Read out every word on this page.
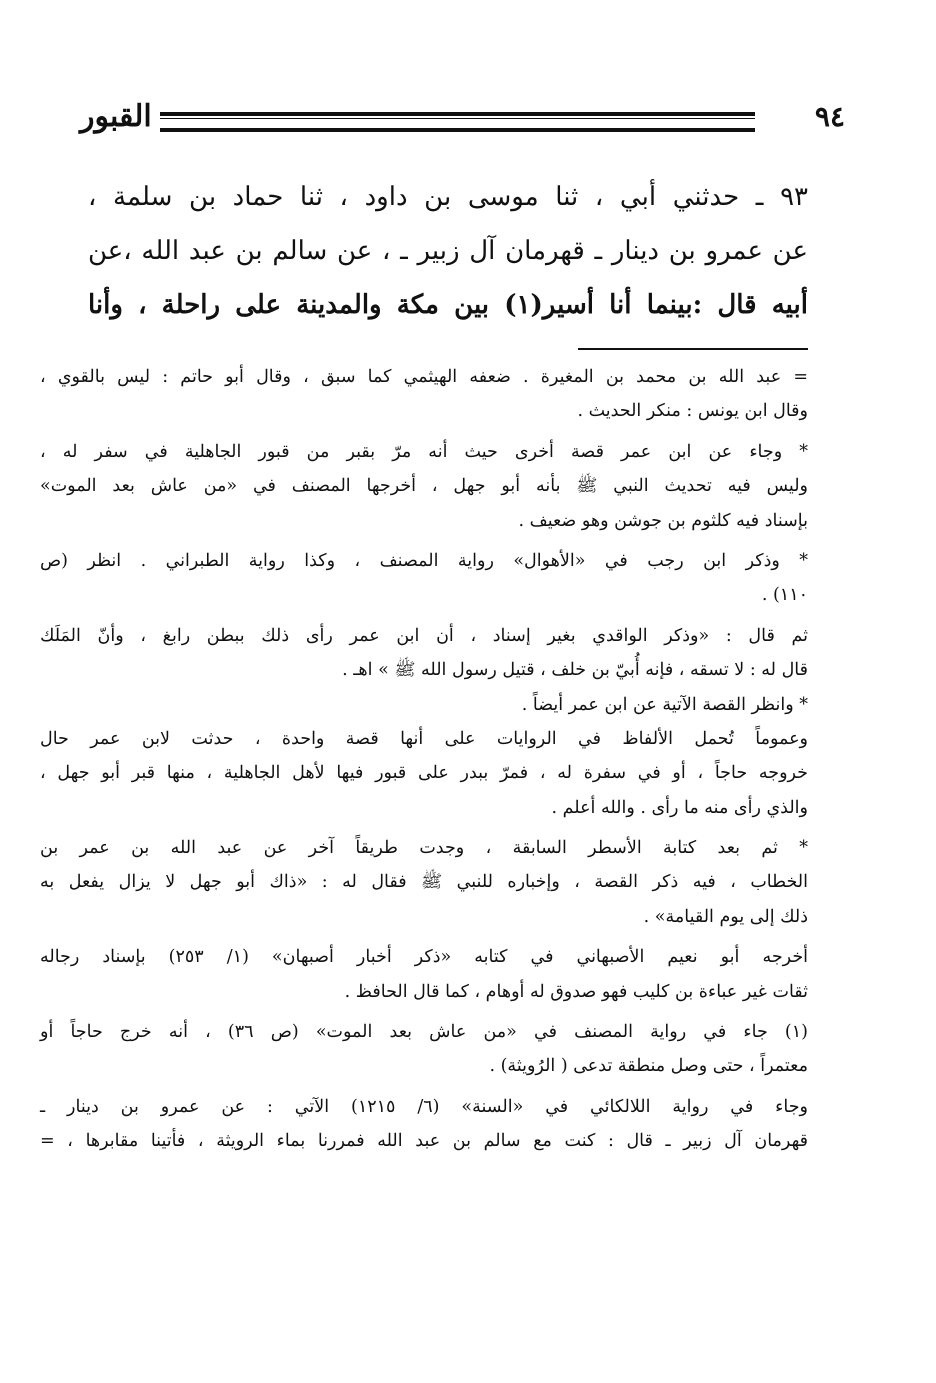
القبور	٩٤
٩٣ ـ حدثني أبي ، ثنا موسى بن داود ، ثنا حماد بن سلمة ،
عن عمرو بن دينار ـ قهرمان آل زبير ـ ، عن سالم بن عبد الله ،عن
أبيه قال :بينما أنا أسير(١) بين مكة والمدينة على راحلة ، وأنا
= عبد الله بن محمد بن المغيرة . ضعفه الهيثمي كما سبق ، وقال أبو حاتم : ليس بالقوي ،
وقال ابن يونس : منكر الحديث .
* وجاء عن ابن عمر قصة أخرى حيث أنه مرّ بقبر من قبور الجاهلية في سفر له ،
وليس فيه تحديث النبي ﷺ بأنه أبو جهل ، أخرجها المصنف في «من عاش بعد الموت»
بإسناد فيه كلثوم بن جوشن وهو ضعيف .
* وذكر ابن رجب في «الأهوال» رواية المصنف ، وكذا رواية الطبراني . انظر (ص
١١٠) .
ثم قال : «وذكر الواقدي بغير إسناد ، أن ابن عمر رأى ذلك ببطن رابغ ، وأنّ المَلَك
قال له : لا تسقه ، فإنه أُبيّ بن خلف ، قتيل رسول الله ﷺ » اهـ .
* وانظر القصة الآتية عن ابن عمر أيضاً .
وعموماً تُحمل الألفاظ في الروايات على أنها قصة واحدة ، حدثت لابن عمر حال
خروجه حاجاً ، أو في سفرة له ، فمرّ ببدر على قبور فيها لأهل الجاهلية ، منها قبر أبو جهل ،
والذي رأى منه ما رأى . والله أعلم .
* ثم بعد كتابة الأسطر السابقة ، وجدت طريقاً آخر عن عبد الله بن عمر بن
الخطاب ، فيه ذكر القصة ، وإخباره للنبي ﷺ فقال له : «ذاك أبو جهل لا يزال يفعل به
ذلك إلى يوم القيامة» .
أخرجه أبو نعيم الأصبهاني في كتابه «ذكر أخبار أصبهان» (١/ ٢٥٣) بإسناد رجاله
ثقات غير عباءة بن كليب فهو صدوق له أوهام ، كما قال الحافظ .
(١) جاء في رواية المصنف في «من عاش بعد الموت» (ص ٣٦) ، أنه خرج حاجاً أو
معتمراً ، حتى وصل منطقة تدعى ( الرُويثة) .
وجاء في رواية اللالكائي في «السنة» (٦/ ١٢١٥) الآتي : عن عمرو بن دينار ـ
قهرمان آل زبير ـ قال : كنت مع سالم بن عبد الله فمررنا بماء الرويثة ، فأتينا مقابرها ، =
